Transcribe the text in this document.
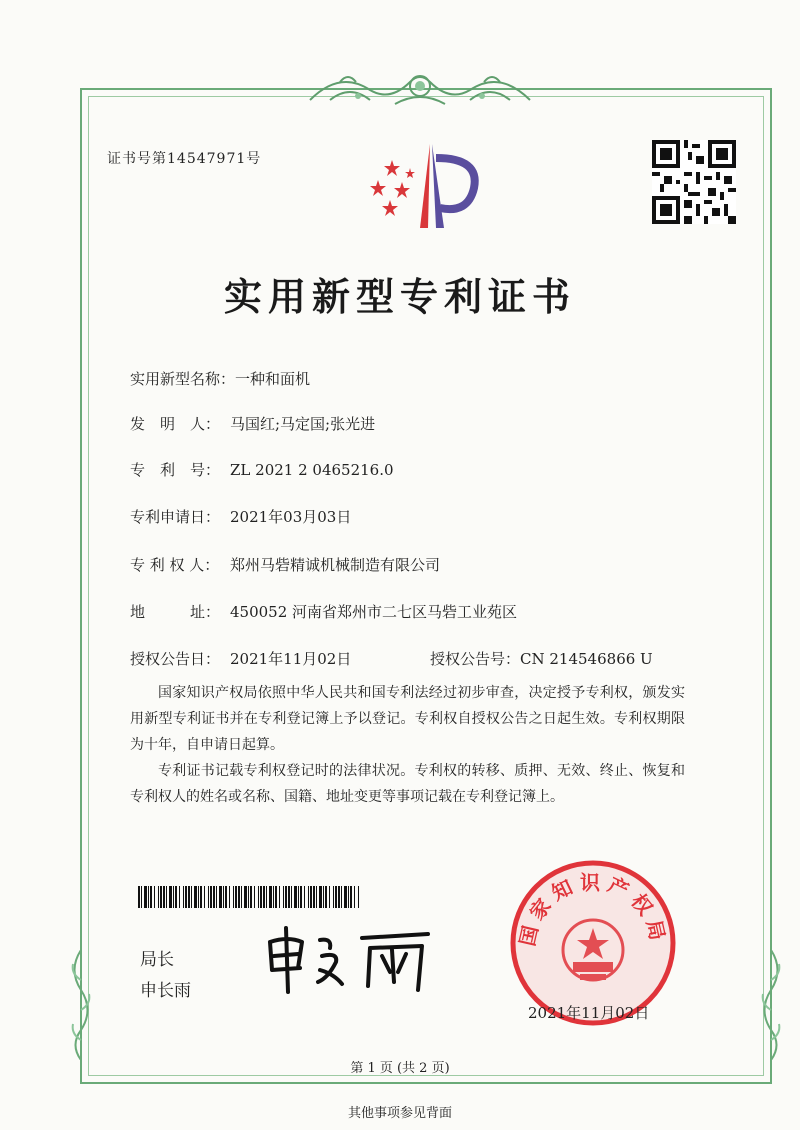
证书号第14547971号
实用新型专利证书
实用新型名称：一种和面机
发　明　人： 马国红;马定国;张光进
专　利　号： ZL 2021 2 0465216.0
专利申请日： 2021年03月03日
专 利 权 人： 郑州马砦精诚机械制造有限公司
地　　　址： 450052 河南省郑州市二七区马砦工业苑区
授权公告日： 2021年11月02日	授权公告号：CN 214546866 U

国家知识产权局依照中华人民共和国专利法经过初步审查，决定授予专利权，颁发实用新型专利证书并在专利登记簿上予以登记。专利权自授权公告之日起生效。专利权期限为十年，自申请日起算。

专利证书记载专利权登记时的法律状况。专利权的转移、质押、无效、终止、恢复和专利权人的姓名或名称、国籍、地址变更等事项记载在专利登记簿上。

局长
申长雨
国家知识产权局
2021年11月02日
第 1 页 (共 2 页)
其他事项参见背面
